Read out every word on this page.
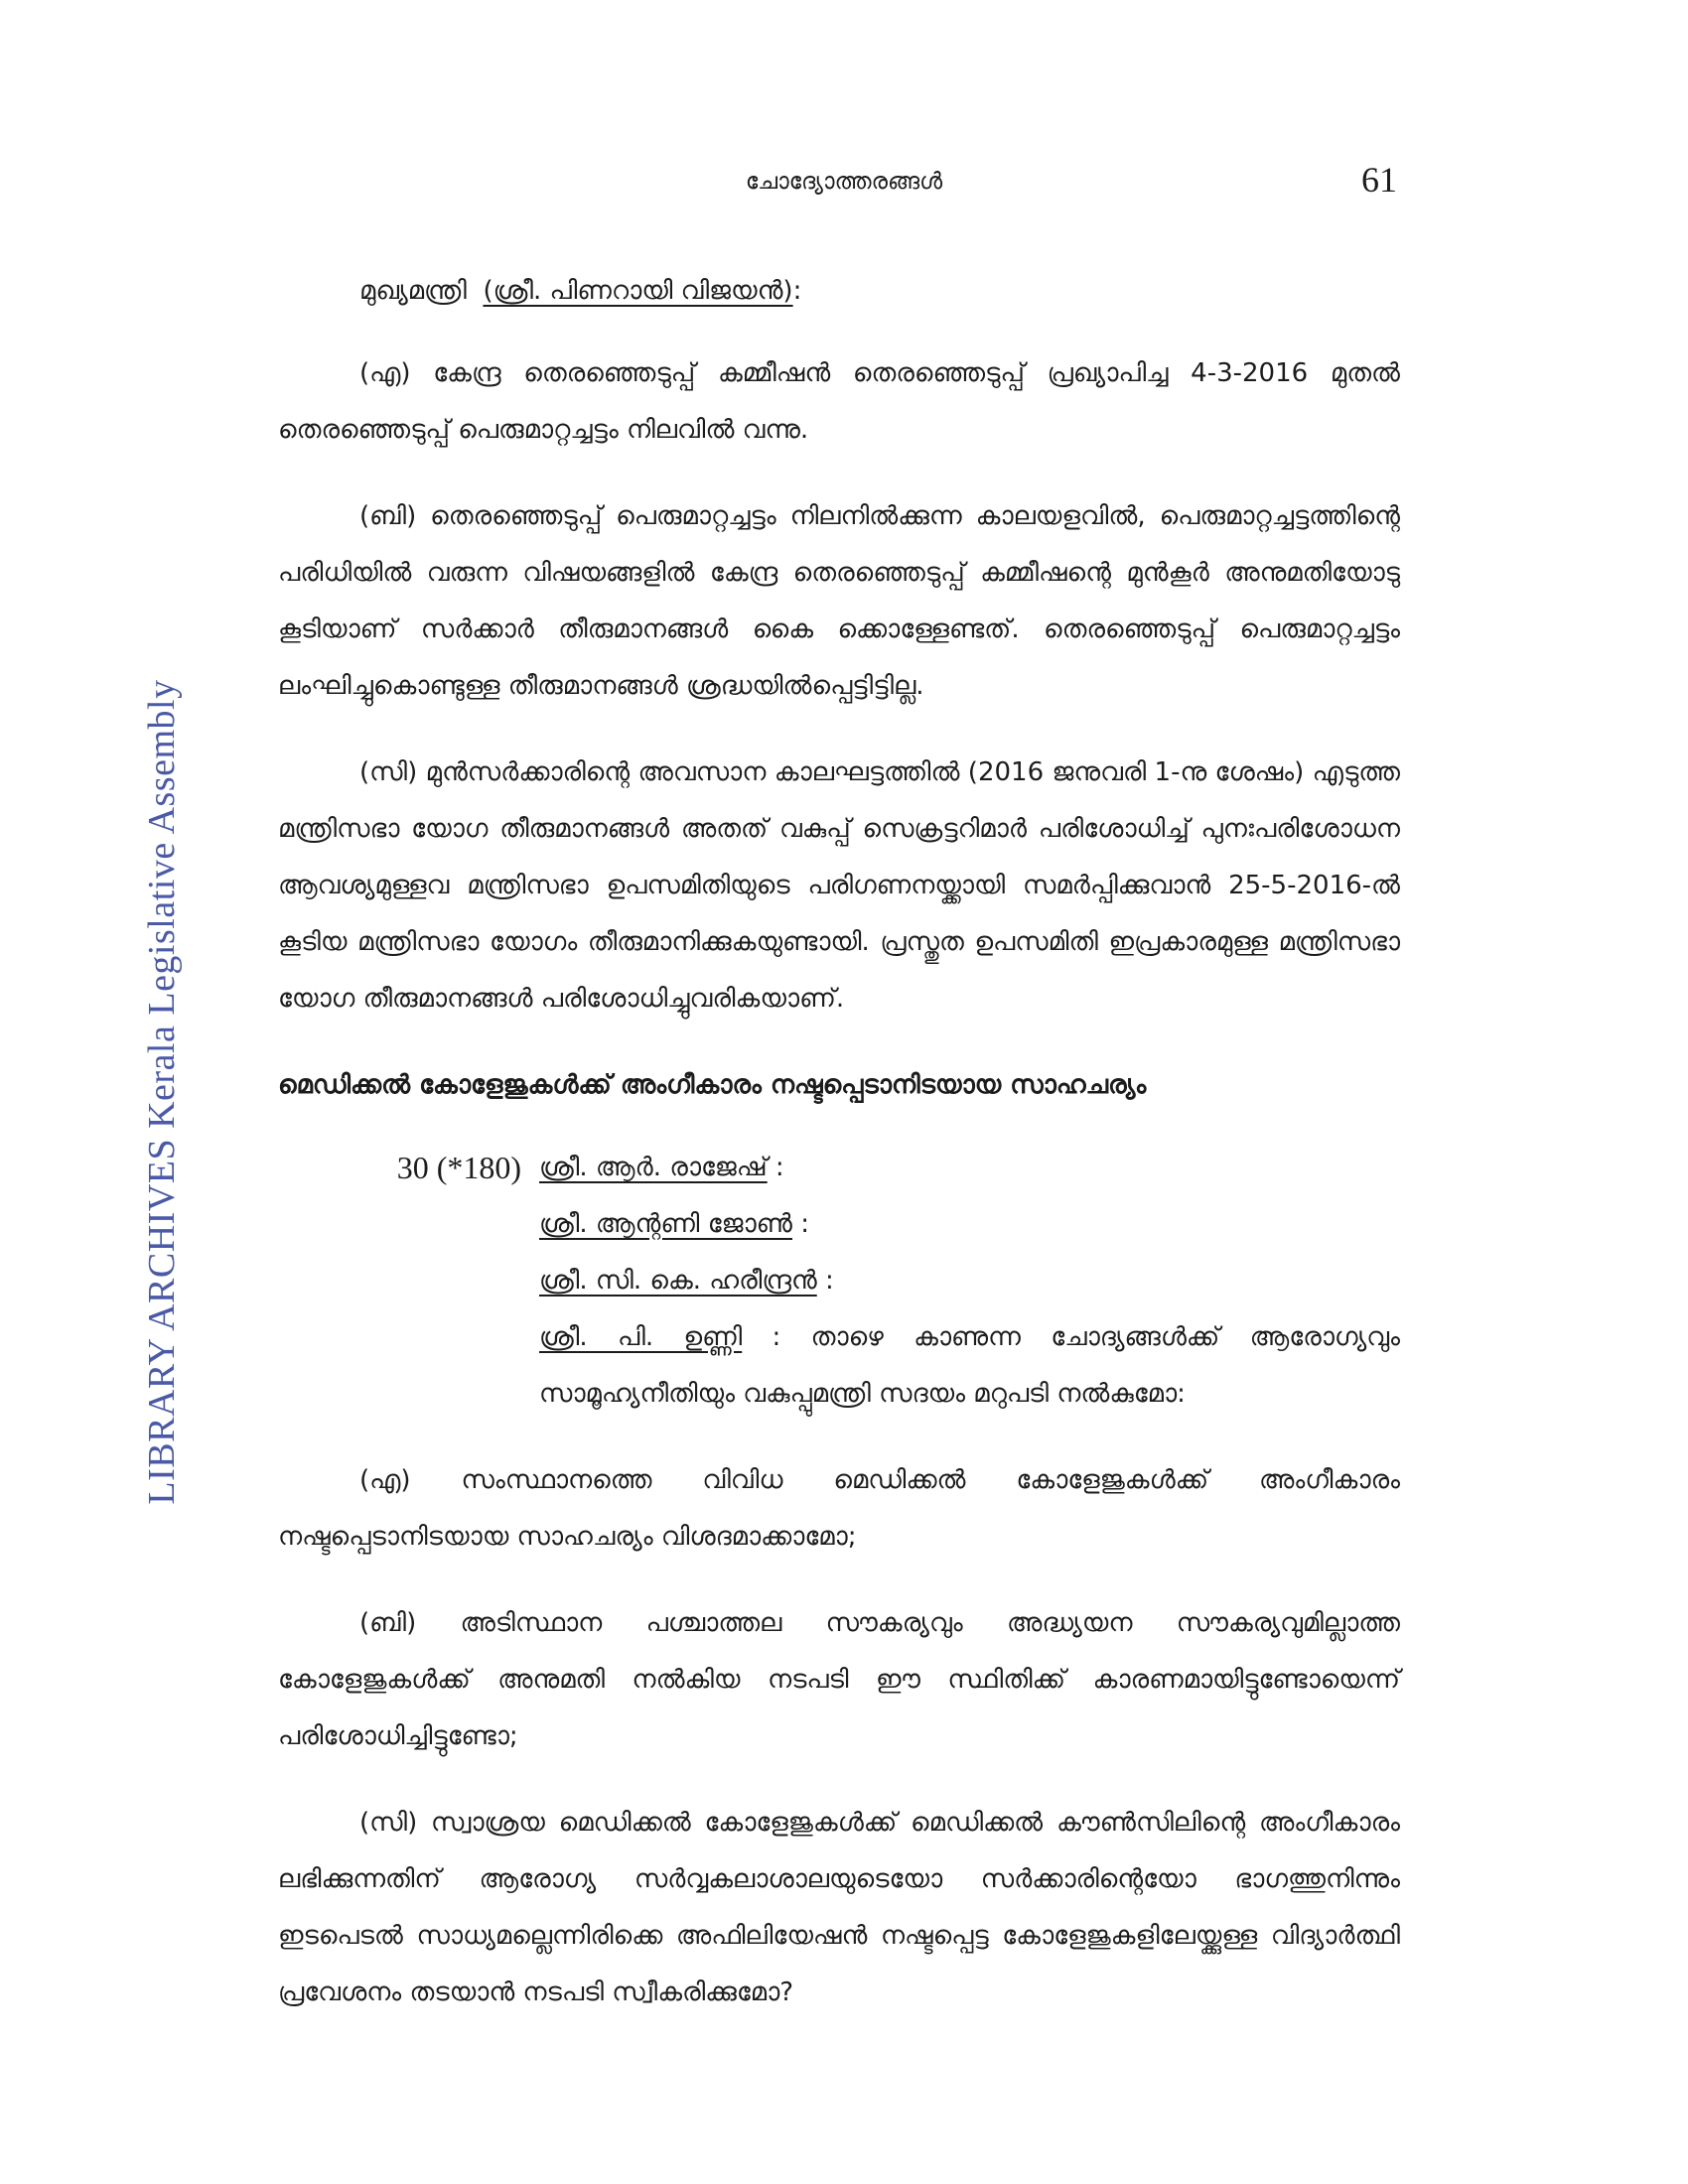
LIBRARY ARCHIVES Kerala Legislative Assembly
ചോദ്യോത്തരങ്ങൾ	61

മുഖ്യമന്ത്രി (ശ്രീ. പിണറായി വിജയൻ):

(എ) കേന്ദ്ര തെരഞ്ഞെടുപ്പ് കമ്മീഷൻ തെരഞ്ഞെടുപ്പ് പ്രഖ്യാപിച്ച 4-3-2016 മുതൽ തെരഞ്ഞെടുപ്പ് പെരുമാറ്റച്ചട്ടം നിലവിൽ വന്നു.

(ബി) തെരഞ്ഞെടുപ്പ് പെരുമാറ്റച്ചട്ടം നിലനിൽക്കുന്ന കാലയളവിൽ, പെരുമാറ്റച്ചട്ടത്തിന്റെ പരിധിയിൽ വരുന്ന വിഷയങ്ങളിൽ കേന്ദ്ര തെരഞ്ഞെടുപ്പ് കമ്മീഷന്റെ മുൻകൂർ അനുമതിയോടു കൂടിയാണ് സർക്കാർ തീരുമാനങ്ങൾ കൈ ക്കൊള്ളേണ്ടത്. തെരഞ്ഞെടുപ്പ് പെരുമാറ്റച്ചട്ടം ലംഘിച്ചുകൊണ്ടുള്ള തീരുമാനങ്ങൾ ശ്രദ്ധയിൽപ്പെട്ടിട്ടില്ല.

(സി) മുൻസർക്കാരിന്റെ അവസാന കാലഘട്ടത്തിൽ (2016 ജനുവരി 1-നു ശേഷം) എടുത്ത മന്ത്രിസഭാ യോഗ തീരുമാനങ്ങൾ അതത് വകുപ്പ് സെക്രട്ടറിമാർ പരിശോധിച്ച് പുനഃപരിശോധന ആവശ്യമുള്ളവ മന്ത്രിസഭാ ഉപസമിതിയുടെ പരിഗണനയ്ക്കായി സമർപ്പിക്കുവാൻ 25-5-2016-ൽ കൂടിയ മന്ത്രിസഭാ യോഗം തീരുമാനിക്കുകയുണ്ടായി. പ്രസ്തുത ഉപസമിതി ഇപ്രകാരമുള്ള മന്ത്രിസഭാ യോഗ തീരുമാനങ്ങൾ പരിശോധിച്ചുവരികയാണ്.

മെഡിക്കൽ കോളേജുകൾക്ക് അംഗീകാരം നഷ്ടപ്പെടാനിടയായ സാഹചര്യം
30 (*180) ശ്രീ. ആർ. രാജേഷ് :
ശ്രീ. ആന്റണി ജോൺ :
ശ്രീ. സി. കെ. ഹരീന്ദ്രൻ :

ശ്രീ. പി. ഉണ്ണി : താഴെ കാണുന്ന ചോദ്യങ്ങൾക്ക് ആരോഗ്യവും സാമൂഹ്യനീതിയും വകുപ്പുമന്ത്രി സദയം മറുപടി നൽകുമോ:

(എ) സംസ്ഥാനത്തെ വിവിധ മെഡിക്കൽ കോളേജുകൾക്ക് അംഗീകാരം നഷ്ടപ്പെടാനിടയായ സാഹചര്യം വിശദമാക്കാമോ;

(ബി) അടിസ്ഥാന പശ്ചാത്തല സൗകര്യവും അദ്ധ്യയന സൗകര്യവുമില്ലാത്ത കോളേജുകൾക്ക് അനുമതി നൽകിയ നടപടി ഈ സ്ഥിതിക്ക് കാരണമായിട്ടുണ്ടോയെന്ന് പരിശോധിച്ചിട്ടുണ്ടോ;

(സി) സ്വാശ്രയ മെഡിക്കൽ കോളേജുകൾക്ക് മെഡിക്കൽ കൗൺസിലിന്റെ അംഗീകാരം ലഭിക്കുന്നതിന് ആരോഗ്യ സർവ്വകലാശാലയുടെയോ സർക്കാരിന്റെയോ ഭാഗത്തുനിന്നും ഇടപെടൽ സാധ്യമല്ലെന്നിരിക്കെ അഫിലിയേഷൻ നഷ്ടപ്പെട്ട കോളേജുകളിലേയ്ക്കുള്ള വിദ്യാർത്ഥി പ്രവേശനം തടയാൻ നടപടി സ്വീകരിക്കുമോ?
